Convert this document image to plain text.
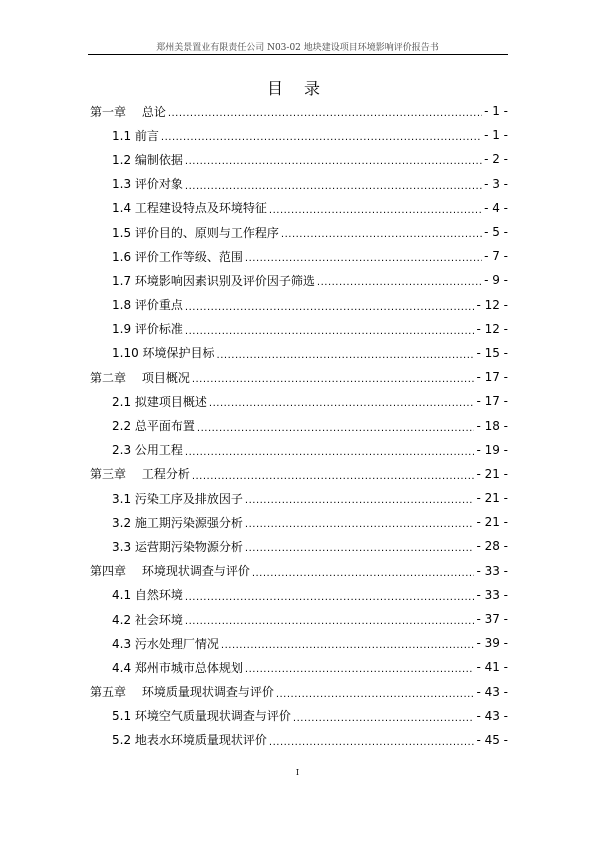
郑州美景置业有限责任公司 N03-02 地块建设项目环境影响评价报告书
目 录
第一章　 总论 .....	- 1 -
1.1 前言 .....	- 1 -
1.2 编制依据 .....	- 2 -
1.3 评价对象 .....	- 3 -
1.4 工程建设特点及环境特征 .....	- 4 -
1.5 评价目的、原则与工作程序 .....	- 5 -
1.6 评价工作等级、范围 .....	- 7 -
1.7 环境影响因素识别及评价因子筛选 .....	- 9 -
1.8 评价重点 .....	- 12 -
1.9 评价标准 .....	- 12 -
1.10 环境保护目标 .....	- 15 -
第二章　 项目概况 .....	- 17 -
2.1 拟建项目概述 .....	- 17 -
2.2 总平面布置 .....	- 18 -
2.3 公用工程 .....	- 19 -
第三章　 工程分析 .....	- 21 -
3.1 污染工序及排放因子 .....	- 21 -
3.2 施工期污染源强分析 .....	- 21 -
3.3 运营期污染物源分析 .....	- 28 -
第四章　 环境现状调查与评价 .....	- 33 -
4.1 自然环境 .....	- 33 -
4.2 社会环境 .....	- 37 -
4.3 污水处理厂情况 .....	- 39 -
4.4 郑州市城市总体规划 .....	- 41 -
第五章　 环境质量现状调查与评价 .....	- 43 -
5.1 环境空气质量现状调查与评价 .....	- 43 -
5.2 地表水环境质量现状评价 .....	- 45 -
I
